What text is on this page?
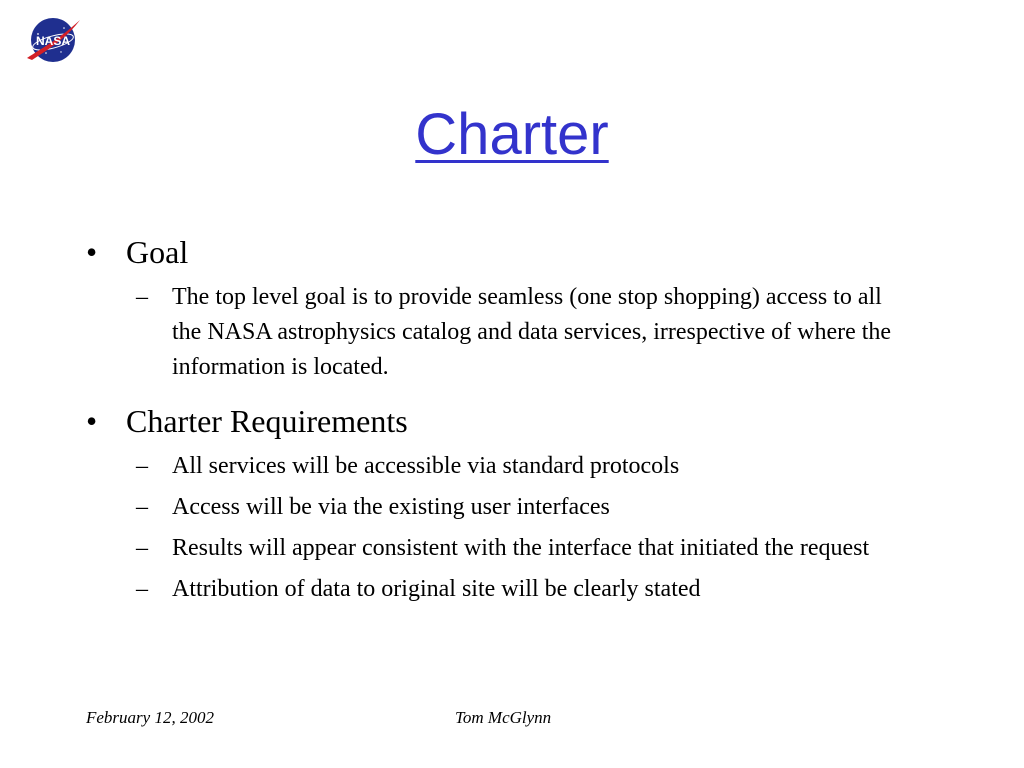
NASA
Charter
• Goal
– The top level goal is to provide seamless (one stop shopping) access to all the NASA astrophysics catalog and data services, irrespective of where the information is located.
• Charter Requirements
– All services will be accessible via standard protocols
– Access will be via the existing user interfaces
– Results will appear consistent with the interface that initiated the request
– Attribution of data to original site will be clearly stated
February 12, 2002	Tom McGlynn
